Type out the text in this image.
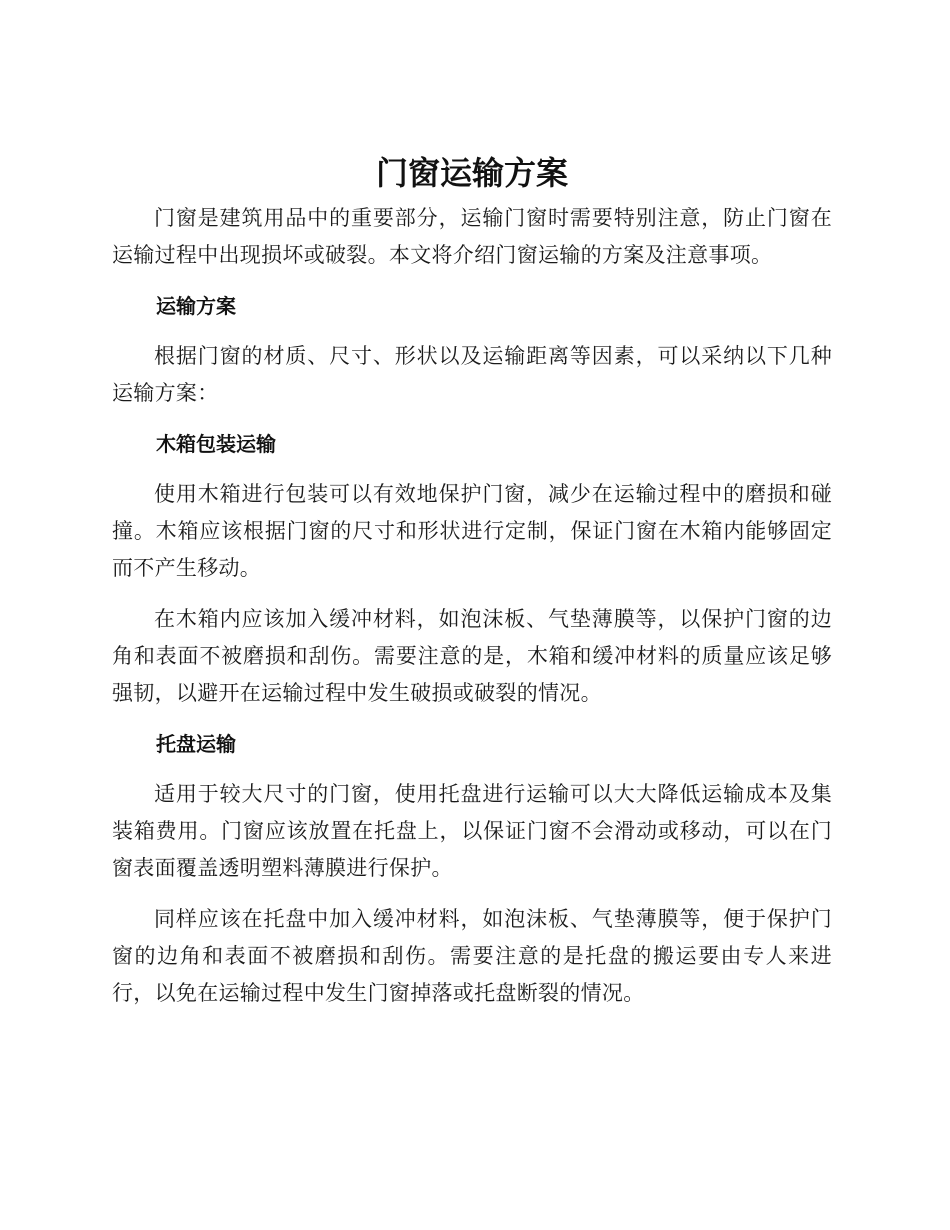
门窗运输方案

门窗是建筑用品中的重要部分，运输门窗时需要特别注意，防止门窗在运输过程中出现损坏或破裂。本文将介绍门窗运输的方案及注意事项。

运输方案

根据门窗的材质、尺寸、形状以及运输距离等因素，可以采纳以下几种运输方案：

木箱包装运输

使用木箱进行包装可以有效地保护门窗，减少在运输过程中的磨损和碰撞。木箱应该根据门窗的尺寸和形状进行定制，保证门窗在木箱内能够固定而不产生移动。

在木箱内应该加入缓冲材料，如泡沫板、气垫薄膜等，以保护门窗的边角和表面不被磨损和刮伤。需要注意的是，木箱和缓冲材料的质量应该足够强韧，以避开在运输过程中发生破损或破裂的情况。

托盘运输

适用于较大尺寸的门窗，使用托盘进行运输可以大大降低运输成本及集装箱费用。门窗应该放置在托盘上，以保证门窗不会滑动或移动，可以在门窗表面覆盖透明塑料薄膜进行保护。

同样应该在托盘中加入缓冲材料，如泡沫板、气垫薄膜等，便于保护门窗的边角和表面不被磨损和刮伤。需要注意的是托盘的搬运要由专人来进行，以免在运输过程中发生门窗掉落或托盘断裂的情况。
